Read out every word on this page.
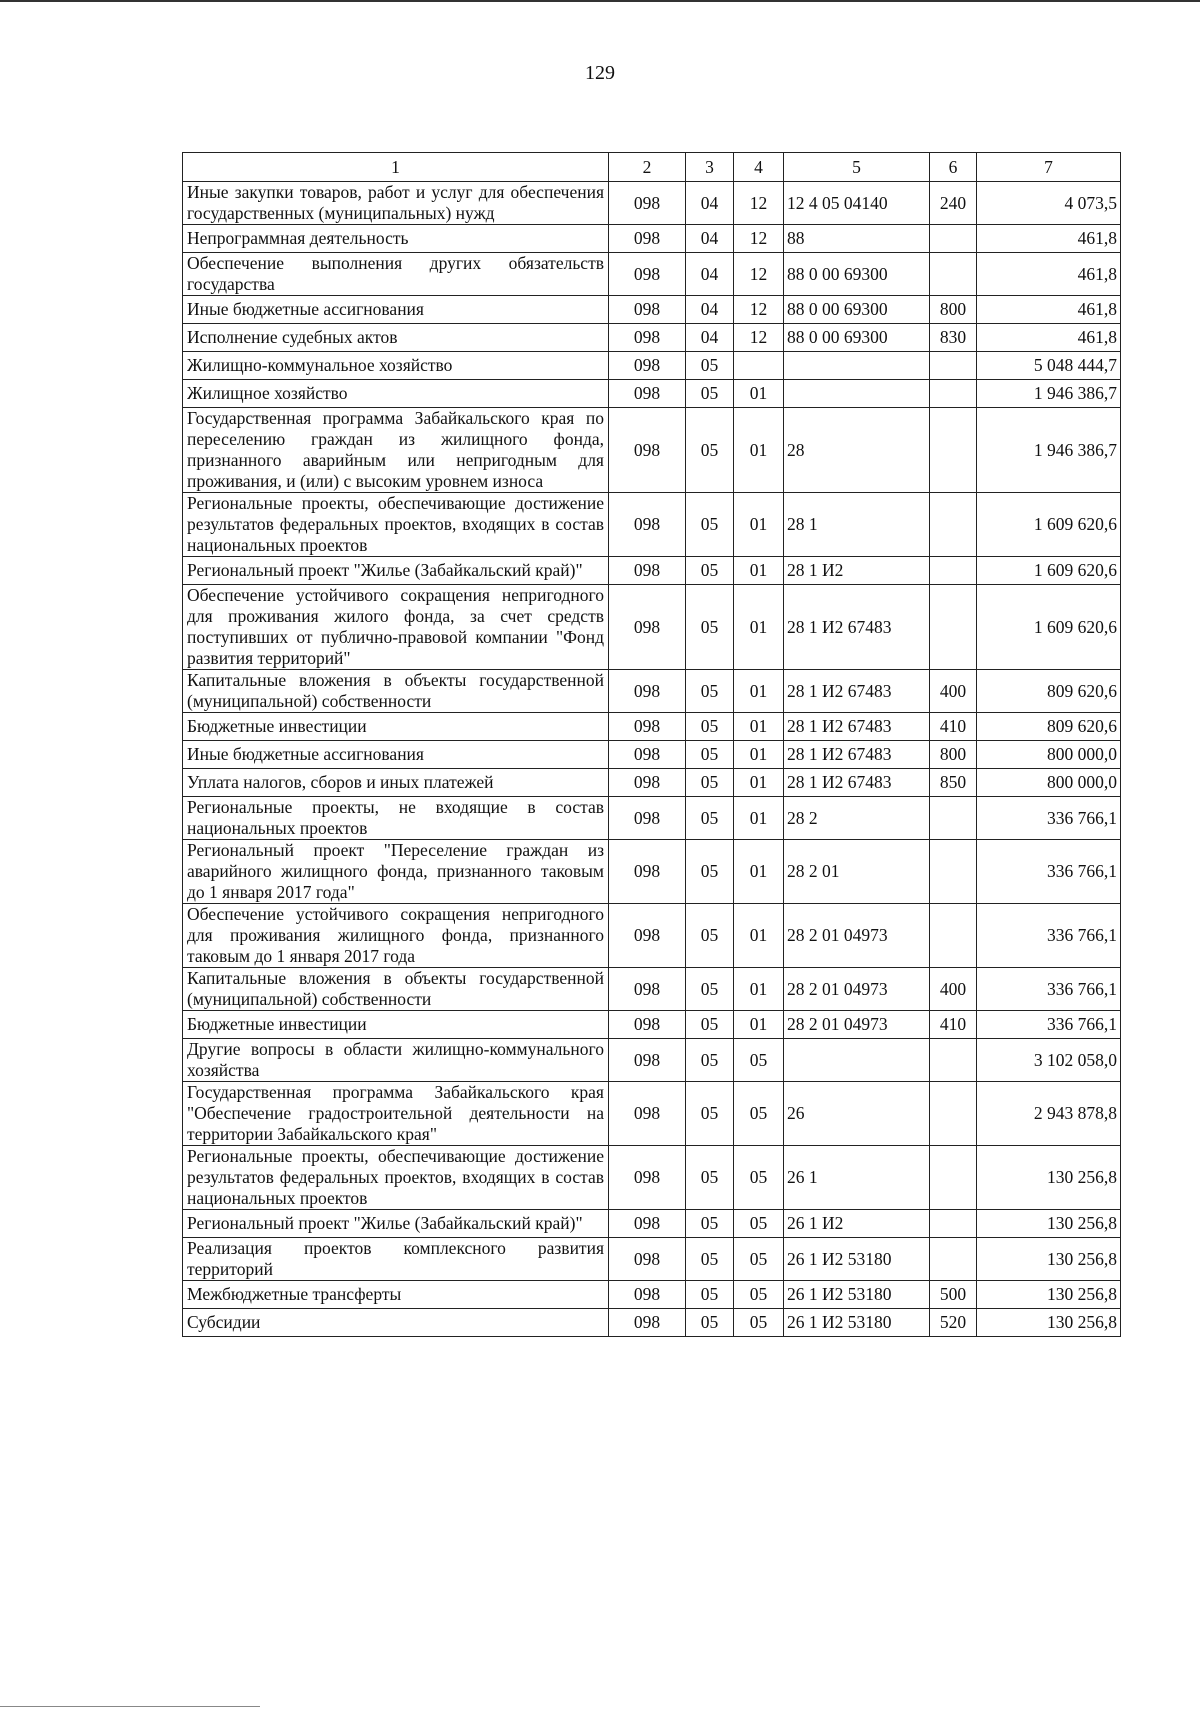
129
1	2	3	4	5	6	7
Иные закупки товаров, работ и услуг для обеспечения государственных (муниципальных) нужд	098	04	12	12 4 05 04140	240	4 073,5
Непрограммная деятельность	098	04	12	88		461,8
Обеспечение выполнения других обязательств государства	098	04	12	88 0 00 69300		461,8
Иные бюджетные ассигнования	098	04	12	88 0 00 69300	800	461,8
Исполнение судебных актов	098	04	12	88 0 00 69300	830	461,8
Жилищно-коммунальное хозяйство	098	05				5 048 444,7
Жилищное хозяйство	098	05	01			1 946 386,7
Государственная программа Забайкальского края по переселению граждан из жилищного фонда, признанного аварийным или непригодным для проживания, и (или) с высоким уровнем износа	098	05	01	28		1 946 386,7
Региональные проекты, обеспечивающие достижение результатов федеральных проектов, входящих в состав национальных проектов	098	05	01	28 1		1 609 620,6
Региональный проект "Жилье (Забайкальский край)"	098	05	01	28 1 И2		1 609 620,6
Обеспечение устойчивого сокращения непригодного для проживания жилого фонда, за счет средств поступивших от публично-правовой компании "Фонд развития территорий"	098	05	01	28 1 И2 67483		1 609 620,6
Капитальные вложения в объекты государственной (муниципальной) собственности	098	05	01	28 1 И2 67483	400	809 620,6
Бюджетные инвестиции	098	05	01	28 1 И2 67483	410	809 620,6
Иные бюджетные ассигнования	098	05	01	28 1 И2 67483	800	800 000,0
Уплата налогов, сборов и иных платежей	098	05	01	28 1 И2 67483	850	800 000,0
Региональные проекты, не входящие в состав национальных проектов	098	05	01	28 2		336 766,1
Региональный проект "Переселение граждан из аварийного жилищного фонда, признанного таковым до 1 января 2017 года"	098	05	01	28 2 01		336 766,1
Обеспечение устойчивого сокращения непригодного для проживания жилищного фонда, признанного таковым до 1 января 2017 года	098	05	01	28 2 01 04973		336 766,1
Капитальные вложения в объекты государственной (муниципальной) собственности	098	05	01	28 2 01 04973	400	336 766,1
Бюджетные инвестиции	098	05	01	28 2 01 04973	410	336 766,1
Другие вопросы в области жилищно-коммунального хозяйства	098	05	05			3 102 058,0
Государственная программа Забайкальского края "Обеспечение градостроительной деятельности на территории Забайкальского края"	098	05	05	26		2 943 878,8
Региональные проекты, обеспечивающие достижение результатов федеральных проектов, входящих в состав национальных проектов	098	05	05	26 1		130 256,8
Региональный проект "Жилье (Забайкальский край)"	098	05	05	26 1 И2		130 256,8
Реализация проектов комплексного развития территорий	098	05	05	26 1 И2 53180		130 256,8
Межбюджетные трансферты	098	05	05	26 1 И2 53180	500	130 256,8
Субсидии	098	05	05	26 1 И2 53180	520	130 256,8
